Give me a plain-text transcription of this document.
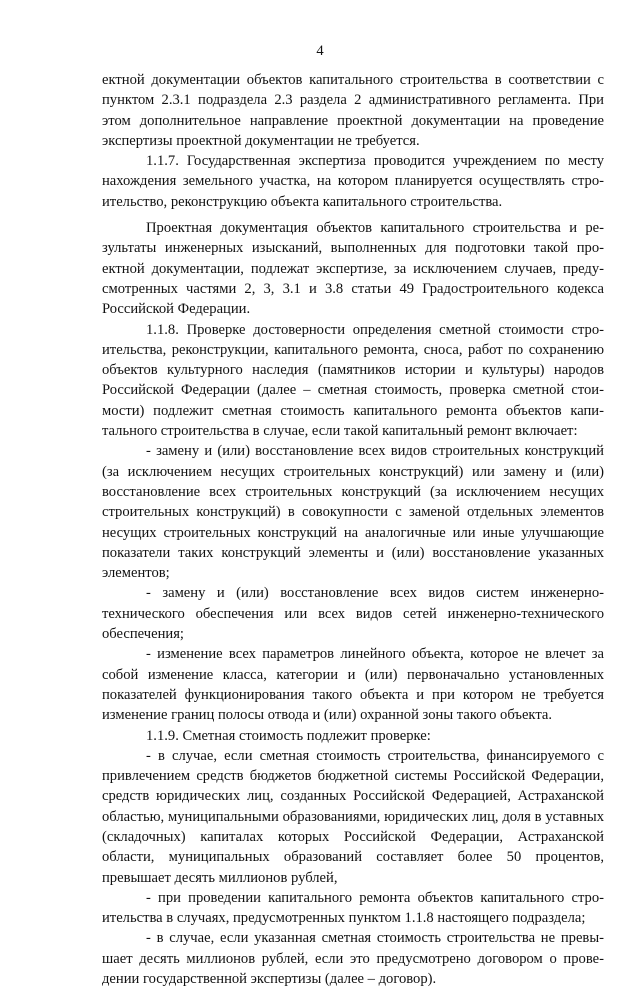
4

ектной документации объектов капитального строительства в соответствии с пунктом 2.3.1 подраздела 2.3 раздела 2 административного регламента. При этом дополнительное направление проектной документации на проведение экспертизы проектной документации не требуется.

1.1.7. Государственная экспертиза проводится учреждением по месту нахождения земельного участка, на котором планируется осуществлять строительство, реконструкцию объекта капитального строительства.

Проектная документация объектов капитального строительства и результаты инженерных изысканий, выполненных для подготовки такой проектной документации, подлежат экспертизе, за исключением случаев, предусмотренных частями 2, 3, 3.1 и 3.8 статьи 49 Градостроительного кодекса Российской Федерации.

1.1.8. Проверке достоверности определения сметной стоимости строительства, реконструкции, капитального ремонта, сноса, работ по сохранению объектов культурного наследия (памятников истории и культуры) народов Российской Федерации (далее – сметная стоимость, проверка сметной стоимости) подлежит сметная стоимость капитального ремонта объектов капитального строительства в случае, если такой капитальный ремонт включает:

- замену и (или) восстановление всех видов строительных конструкций (за исключением несущих строительных конструкций) или замену и (или) восстановление всех строительных конструкций (за исключением несущих строительных конструкций) в совокупности с заменой отдельных элементов несущих строительных конструкций на аналогичные или иные улучшающие показатели таких конструкций элементы и (или) восстановление указанных элементов;

- замену и (или) восстановление всех видов систем инженерно-технического обеспечения или всех видов сетей инженерно-технического обеспечения;

- изменение всех параметров линейного объекта, которое не влечет за собой изменение класса, категории и (или) первоначально установленных показателей функционирования такого объекта и при котором не требуется изменение границ полосы отвода и (или) охранной зоны такого объекта.

1.1.9. Сметная стоимость подлежит проверке:

- в случае, если сметная стоимость строительства, финансируемого с привлечением средств бюджетов бюджетной системы Российской Федерации, средств юридических лиц, созданных Российской Федерацией, Астраханской областью, муниципальными образованиями, юридических лиц, доля в уставных (складочных) капиталах которых Российской Федерации, Астраханской области, муниципальных образований составляет более 50 процентов, превышает десять миллионов рублей,

- при проведении капитального ремонта объектов капитального строительства в случаях, предусмотренных пунктом 1.1.8 настоящего подраздела;

- в случае, если указанная сметная стоимость строительства не превышает десять миллионов рублей, если это предусмотрено договором о проведении государственной экспертизы (далее – договор).
